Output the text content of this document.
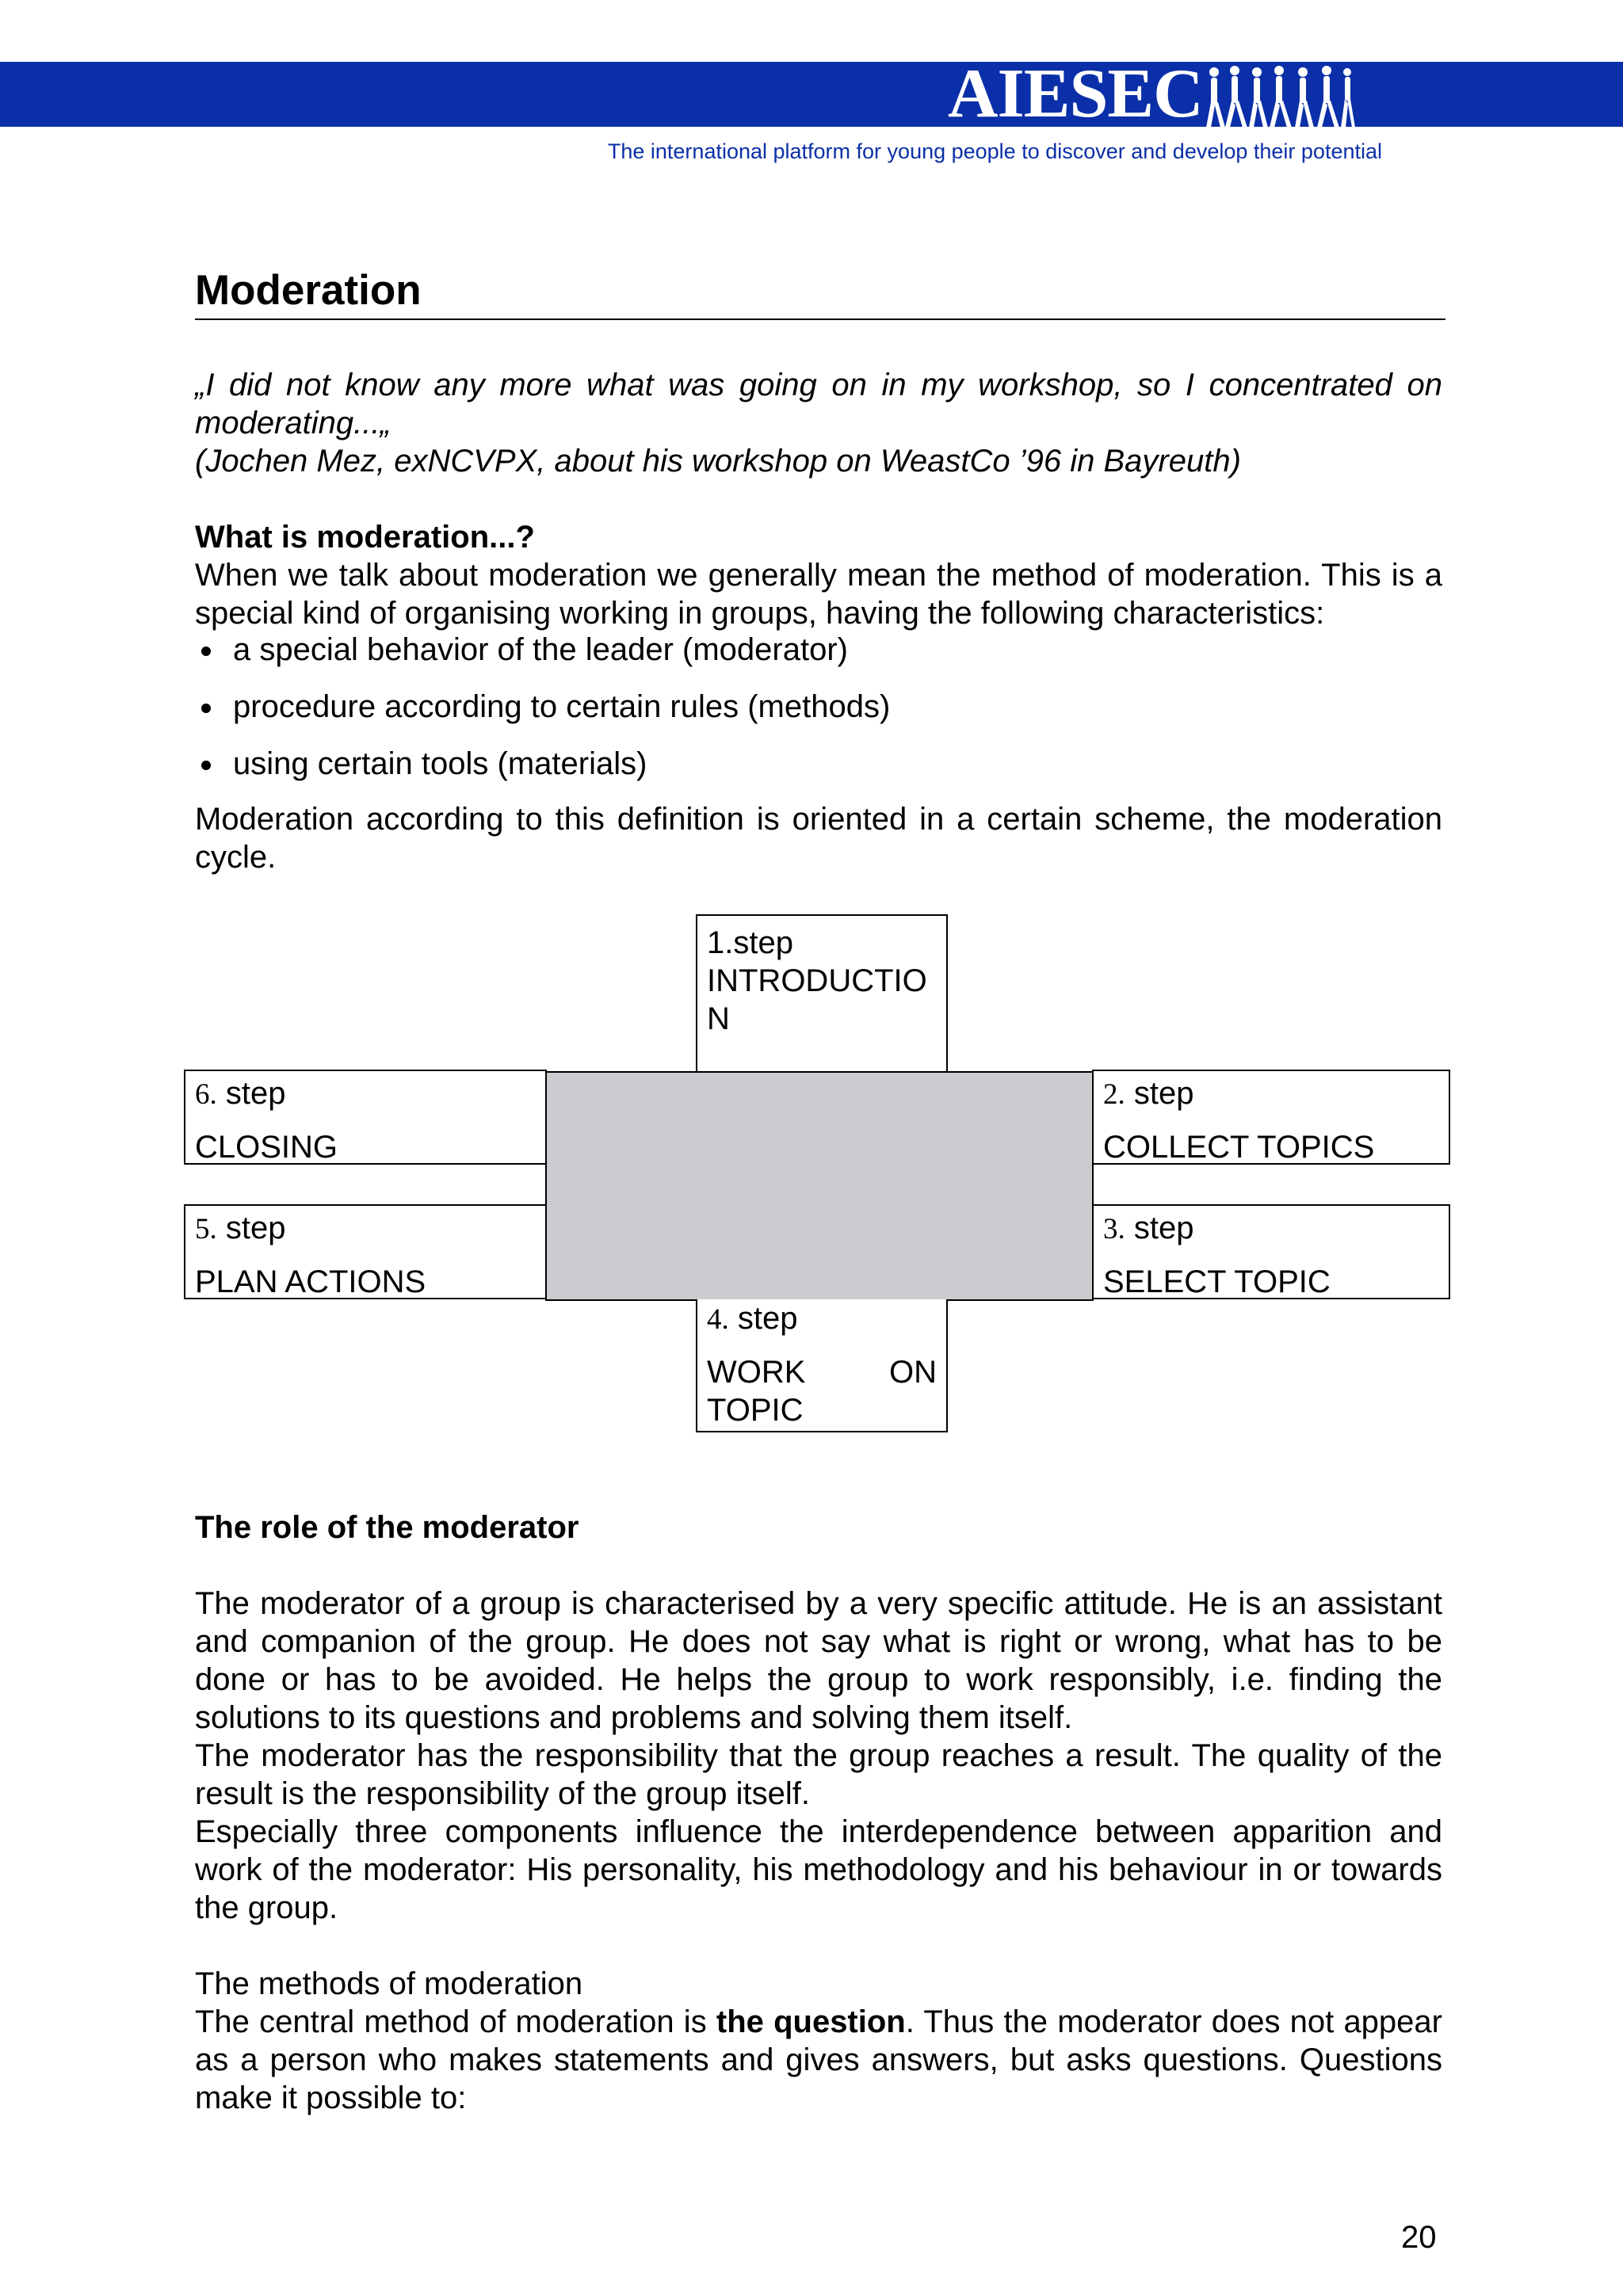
AIESEC
The international platform for young people to discover and develop their potential
Moderation
„I did not know any more what was going on in my workshop, so I concentrated on moderating...„
(Jochen Mez, exNCVPX, about his workshop on WeastCo ’96 in Bayreuth)
What is moderation...?
When we talk about moderation we generally mean the method of moderation. This is a special kind of organising working in groups, having the following characteristics:
a special behavior of the leader (moderator)
procedure according to certain rules (methods)
using certain tools (materials)
Moderation according to this definition is oriented in a certain scheme, the moderation cycle.
1.step
INTRODUCTIO
N
6. step
CLOSING
2. step
COLLECT TOPICS
5. step
PLAN ACTIONS
3. step
SELECT TOPIC
4. step
WORK	ON
TOPIC
The role of the moderator
The moderator of a group is characterised by a very specific attitude. He is an assistant and companion of the group. He does not say what is right or wrong, what has to be done or has to be avoided. He helps the group to work responsibly, i.e. finding the solutions to its questions and problems and solving them itself.
The moderator has the responsibility that the group reaches a result. The quality of the result is the responsibility of the group itself.
Especially three components influence the interdependence between apparition and work of the moderator: His personality, his methodology and his behaviour in or towards the group.
The methods of moderation
The central method of moderation is the question. Thus the moderator does not appear as a person who makes statements and gives answers, but asks questions. Questions make it possible to:
20
